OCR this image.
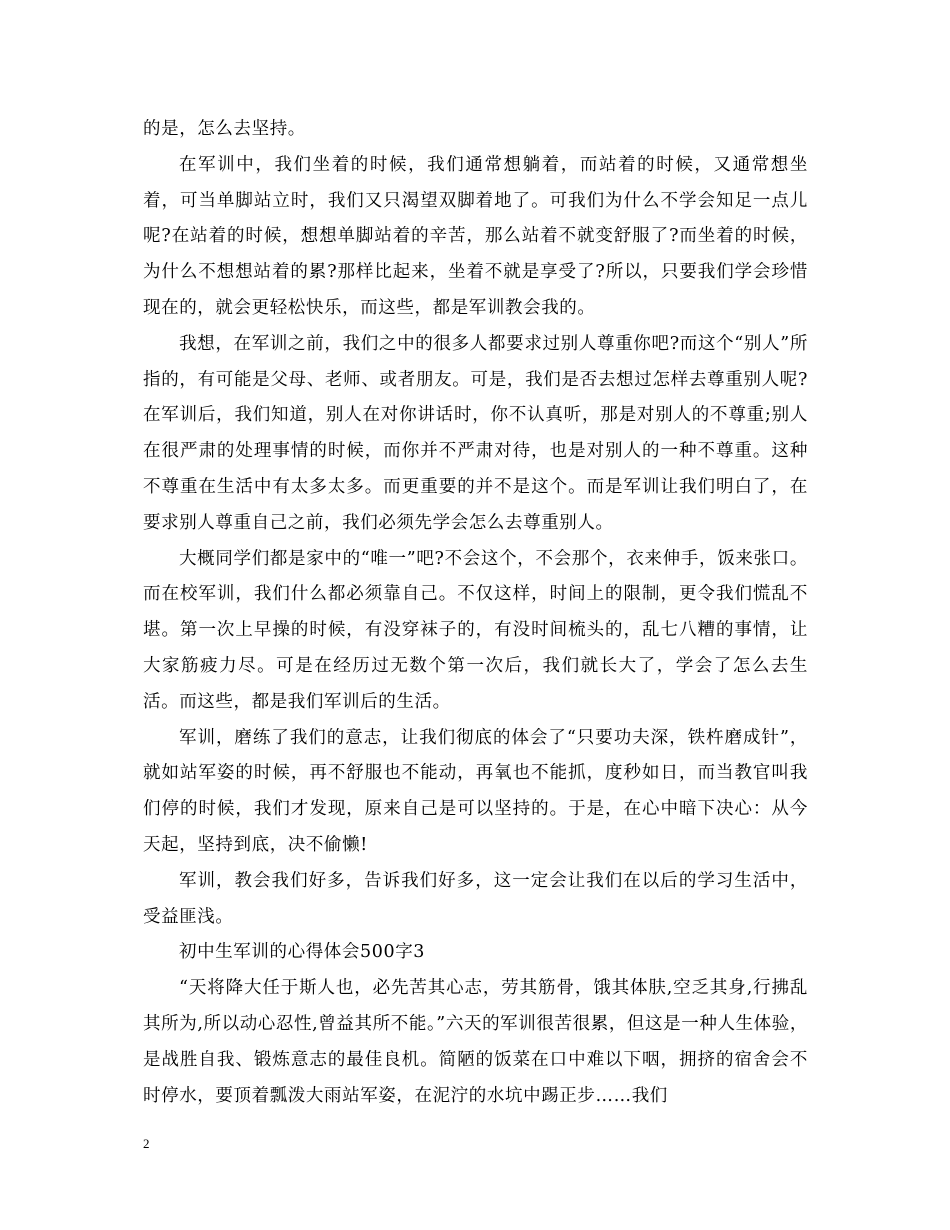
的是，怎么去坚持。

在军训中，我们坐着的时候，我们通常想躺着，而站着的时候，又通常想坐着，可当单脚站立时，我们又只渴望双脚着地了。可我们为什么不学会知足一点儿呢?在站着的时候，想想单脚站着的辛苦，那么站着不就变舒服了?而坐着的时候，为什么不想想站着的累?那样比起来，坐着不就是享受了?所以，只要我们学会珍惜现在的，就会更轻松快乐，而这些，都是军训教会我的。

我想，在军训之前，我们之中的很多人都要求过别人尊重你吧?而这个“别人”所指的，有可能是父母、老师、或者朋友。可是，我们是否去想过怎样去尊重别人呢?在军训后，我们知道，别人在对你讲话时，你不认真听，那是对别人的不尊重;别人在很严肃的处理事情的时候，而你并不严肃对待，也是对别人的一种不尊重。这种不尊重在生活中有太多太多。而更重要的并不是这个。而是军训让我们明白了，在要求别人尊重自己之前，我们必须先学会怎么去尊重别人。

大概同学们都是家中的“唯一”吧?不会这个，不会那个，衣来伸手，饭来张口。而在校军训，我们什么都必须靠自己。不仅这样，时间上的限制，更令我们慌乱不堪。第一次上早操的时候，有没穿袜子的，有没时间梳头的，乱七八糟的事情，让大家筋疲力尽。可是在经历过无数个第一次后，我们就长大了，学会了怎么去生活。而这些，都是我们军训后的生活。

军训，磨练了我们的意志，让我们彻底的体会了“只要功夫深，铁杵磨成针”，就如站军姿的时候，再不舒服也不能动，再氧也不能抓，度秒如日，而当教官叫我们停的时候，我们才发现，原来自己是可以坚持的。于是，在心中暗下决心：从今天起，坚持到底，决不偷懒!

军训，教会我们好多，告诉我们好多，这一定会让我们在以后的学习生活中，受益匪浅。

初中生军训的心得体会500字3

“天将降大任于斯人也，必先苦其心志，劳其筋骨，饿其体肤,空乏其身,行拂乱其所为,所以动心忍性,曾益其所不能。”六天的军训很苦很累，但这是一种人生体验，是战胜自我、锻炼意志的最佳良机。简陋的饭菜在口中难以下咽，拥挤的宿舍会不时停水，要顶着瓢泼大雨站军姿，在泥泞的水坑中踢正步……我们

2
